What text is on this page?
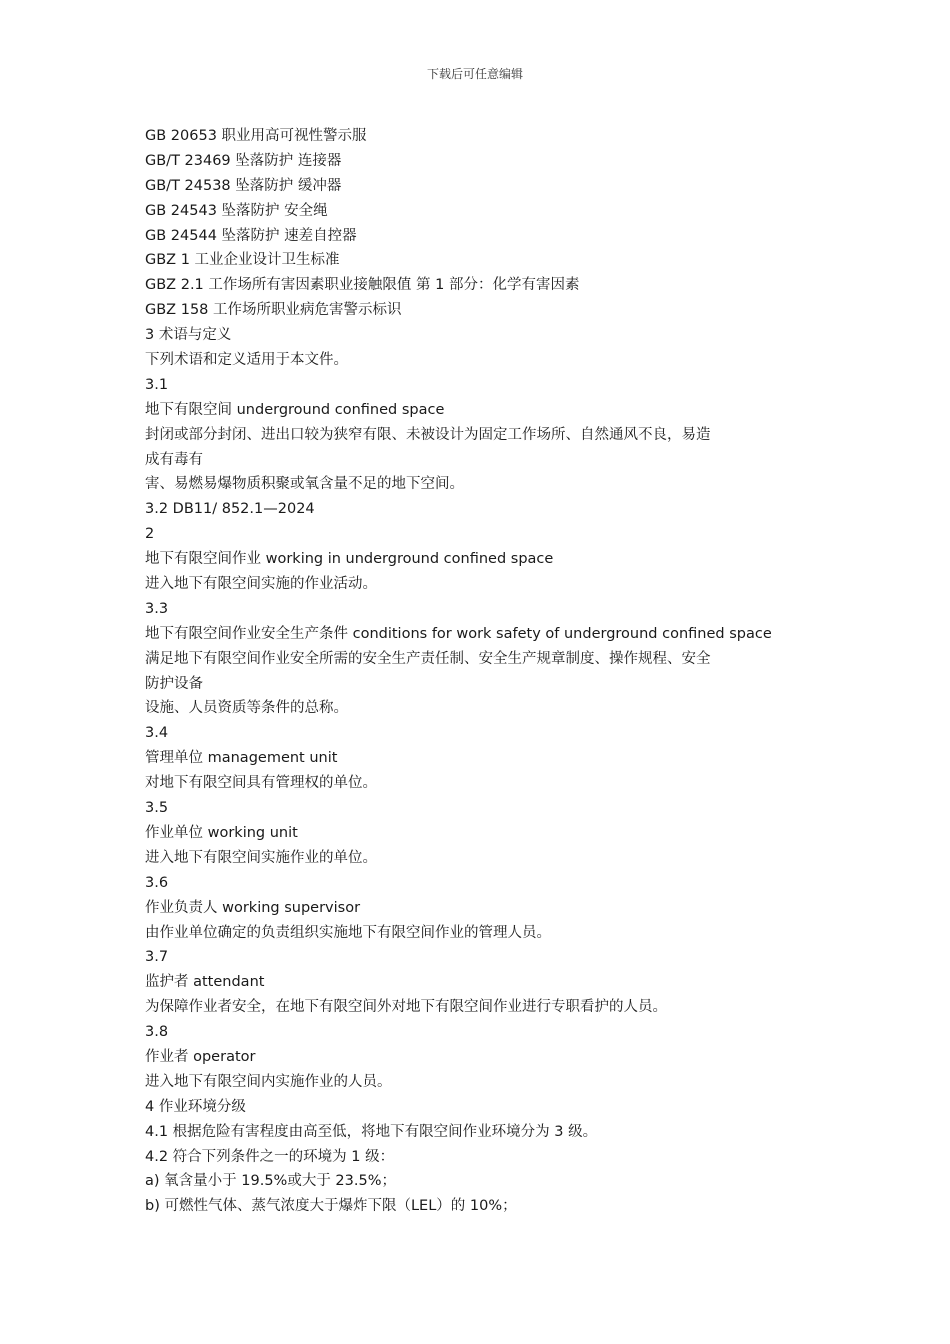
下载后可任意编辑
GB 20653 职业用高可视性警示服
GB/T 23469 坠落防护 连接器
GB/T 24538 坠落防护 缓冲器
GB 24543 坠落防护 安全绳
GB 24544 坠落防护 速差自控器
GBZ 1 工业企业设计卫生标准
GBZ 2.1 工作场所有害因素职业接触限值 第 1 部分：化学有害因素
GBZ 158 工作场所职业病危害警示标识
3 术语与定义
下列术语和定义适用于本文件。
3.1
地下有限空间 underground confined space
封闭或部分封闭、进出口较为狭窄有限、未被设计为固定工作场所、自然通风不良，易造
成有毒有
害、易燃易爆物质积聚或氧含量不足的地下空间。
3.2 DB11/ 852.1—2024
2
地下有限空间作业 working in underground confined space
进入地下有限空间实施的作业活动。
3.3
地下有限空间作业安全生产条件 conditions for work safety of underground confined space
满足地下有限空间作业安全所需的安全生产责任制、安全生产规章制度、操作规程、安全
防护设备
设施、人员资质等条件的总称。
3.4
管理单位 management unit
对地下有限空间具有管理权的单位。
3.5
作业单位 working unit
进入地下有限空间实施作业的单位。
3.6
作业负责人 working supervisor
由作业单位确定的负责组织实施地下有限空间作业的管理人员。
3.7
监护者 attendant
为保障作业者安全，在地下有限空间外对地下有限空间作业进行专职看护的人员。
3.8
作业者 operator
进入地下有限空间内实施作业的人员。
4 作业环境分级
4.1 根据危险有害程度由高至低，将地下有限空间作业环境分为 3 级。
4.2 符合下列条件之一的环境为 1 级：
a) 氧含量小于 19.5%或大于 23.5%；
b) 可燃性气体、蒸气浓度大于爆炸下限（LEL）的 10%；
